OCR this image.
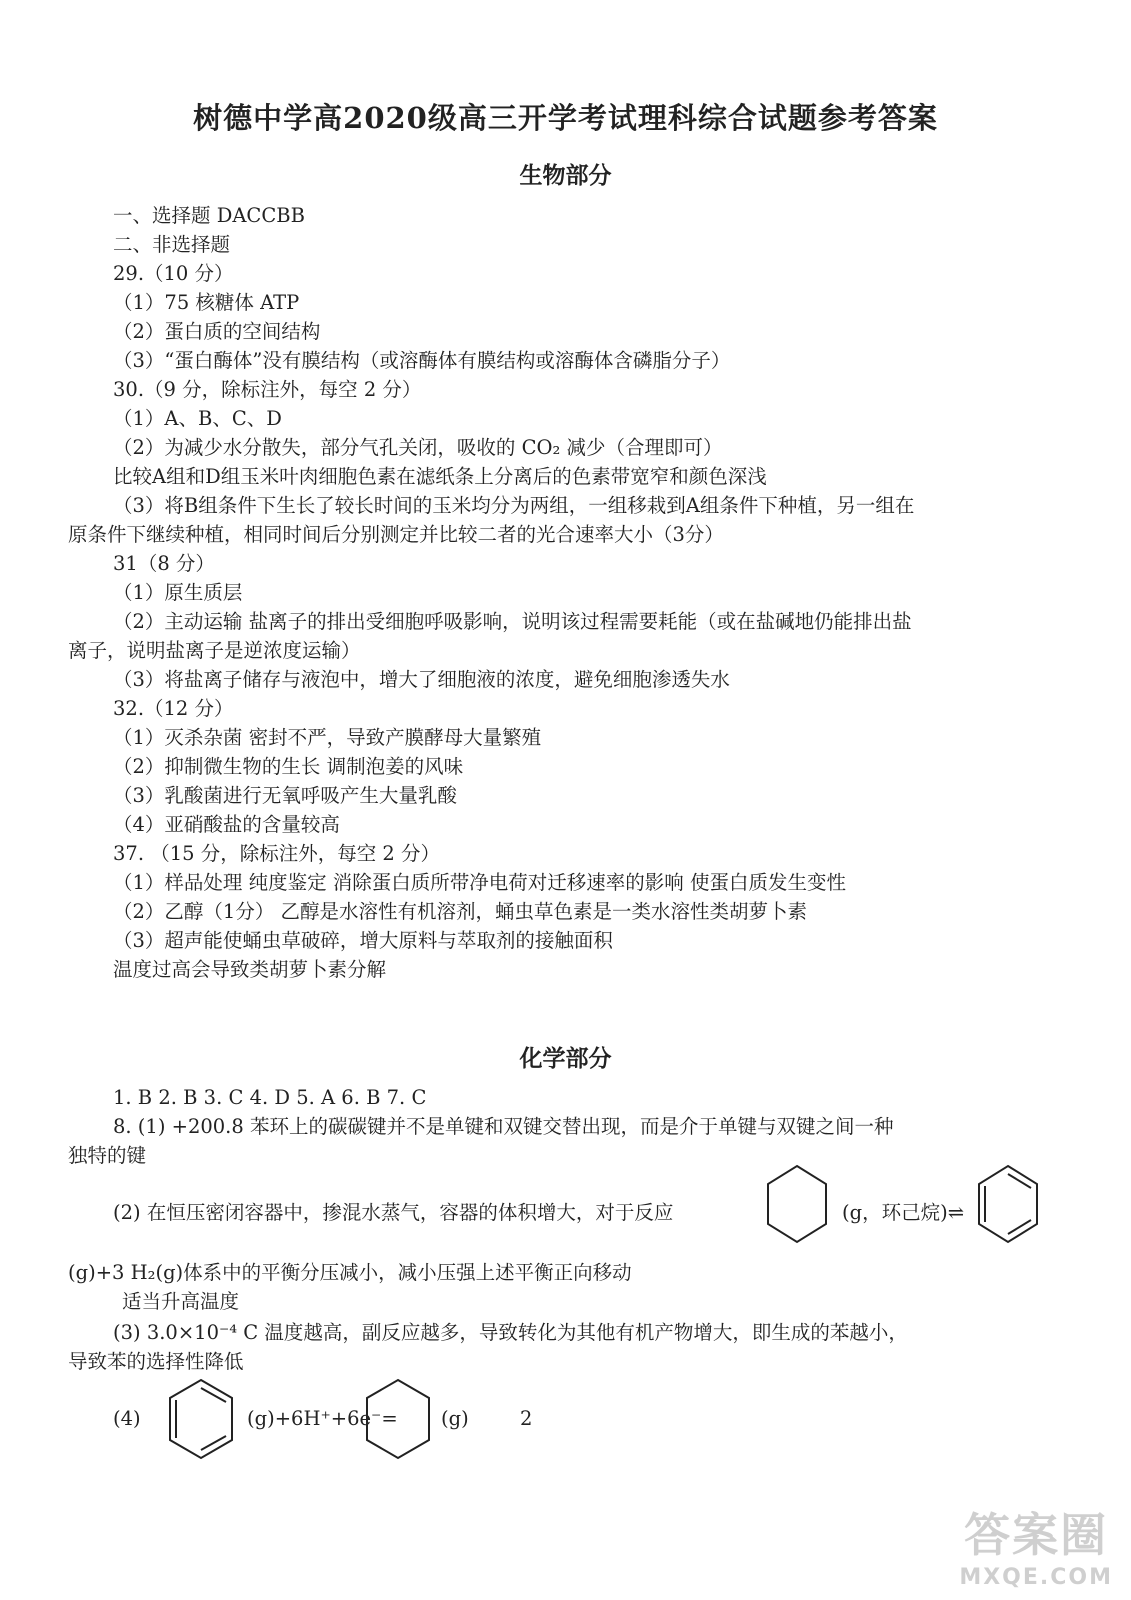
树德中学高2020级高三开学考试理科综合试题参考答案
生物部分
一、选择题 DACCBB
二、非选择题
29.（10 分）
（1）75 核糖体 ATP
（2）蛋白质的空间结构
（3）“蛋白酶体”没有膜结构（或溶酶体有膜结构或溶酶体含磷脂分子）
30.（9 分，除标注外，每空 2 分）
（1）A、B、C、D
（2）为减少水分散失，部分气孔关闭，吸收的 CO₂ 减少（合理即可）
比较A组和D组玉米叶肉细胞色素在滤纸条上分离后的色素带宽窄和颜色深浅
（3）将B组条件下生长了较长时间的玉米均分为两组，一组移栽到A组条件下种植，另一组在
原条件下继续种植，相同时间后分别测定并比较二者的光合速率大小（3分）
31（8 分）
（1）原生质层
（2）主动运输 盐离子的排出受细胞呼吸影响，说明该过程需要耗能（或在盐碱地仍能排出盐
离子，说明盐离子是逆浓度运输）
（3）将盐离子储存与液泡中，增大了细胞液的浓度，避免细胞渗透失水
32.（12 分）
（1）灭杀杂菌 密封不严，导致产膜酵母大量繁殖
（2）抑制微生物的生长 调制泡姜的风味
（3）乳酸菌进行无氧呼吸产生大量乳酸
（4）亚硝酸盐的含量较高
37. （15 分，除标注外，每空 2 分）
（1）样品处理 纯度鉴定 消除蛋白质所带净电荷对迁移速率的影响 使蛋白质发生变性
（2）乙醇（1分） 乙醇是水溶性有机溶剂，蛹虫草色素是一类水溶性类胡萝卜素
（3）超声能使蛹虫草破碎，增大原料与萃取剂的接触面积
温度过高会导致类胡萝卜素分解
化学部分
1. B 2. B 3. C 4. D 5. A 6. B 7. C
8. (1) +200.8 苯环上的碳碳键并不是单键和双键交替出现，而是介于单键与双键之间一种
独特的键
(2) 在恒压密闭容器中，掺混水蒸气，容器的体积增大，对于反应	(g，环己烷)⇌
(g)+3 H₂(g)体系中的平衡分压减小，减小压强上述平衡正向移动
适当升高温度
(3) 3.0×10⁻⁴ C 温度越高，副反应越多，导致转化为其他有机产物增大，即生成的苯越小，
导致苯的选择性降低
(4)	(g)+6H⁺+6e⁻= (g)	2
答案圈
MXQE.COM
